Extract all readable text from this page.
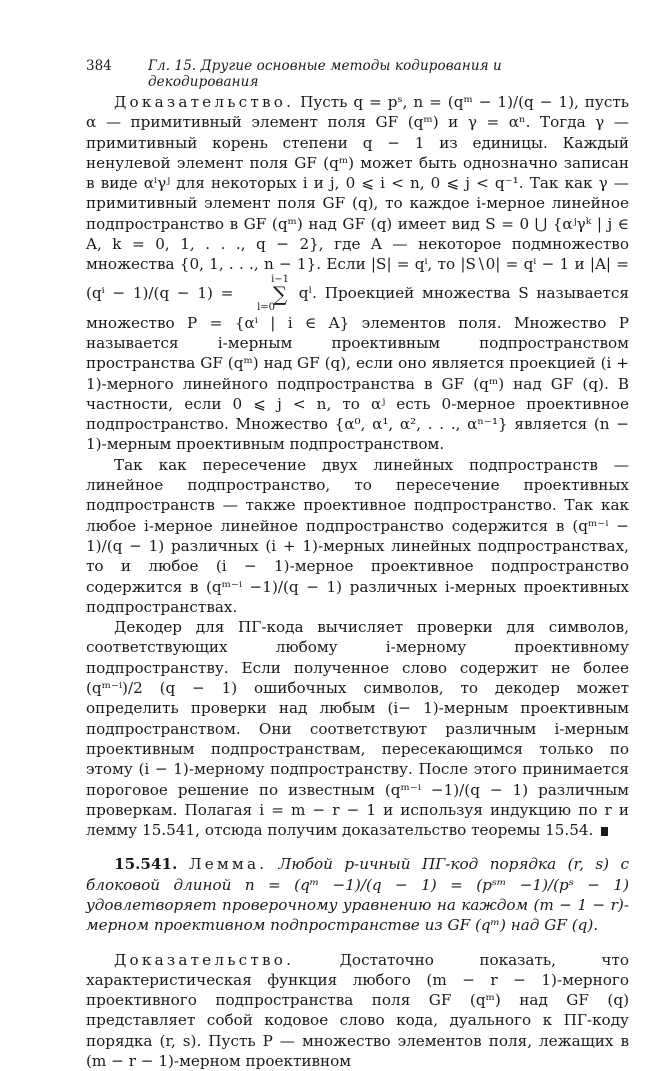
384	Гл. 15. Другие основные методы кодирования и декодирования

Доказательство. Пусть q = pˢ, n = (qᵐ − 1)/(q − 1), пусть α — примитивный элемент поля GF (qᵐ) и γ = αⁿ. Тогда γ — примитивный корень степени q − 1 из единицы. Каждый ненулевой элемент поля GF (qᵐ) может быть однозначно записан в виде αⁱγʲ для некоторых i и j, 0 ⩽ i < n, 0 ⩽ j < q⁻¹. Так как γ — примитивный элемент поля GF (q), то каждое i-мерное линейное подпространство в GF (qᵐ) над GF (q) имеет вид S = 0 ⋃ {αʲγᵏ | j ∈ A, k = 0, 1, . . ., q − 2}, где A — некоторое подмножество множества {0, 1, . . ., n − 1}. Если |S| = qⁱ, то |S∖0| = qⁱ − 1 и |A| = (qⁱ − 1)/(q − 1) = i−1
∑
l=0 qˡ. Проекцией множества S называется множество P = {αⁱ | i ∈ A} элементов поля. Множество P называется i-мерным проективным подпространством пространства GF (qᵐ) над GF (q), если оно является проекцией (i + 1)-мерного линейного подпространства в GF (qᵐ) над GF (q). В частности, если 0 ⩽ j < n, то αʲ есть 0-мерное проективное подпространство. Множество {α⁰, α¹, α², . . ., αⁿ⁻¹} является (n − 1)-мерным проективным подпространством.

Так как пересечение двух линейных подпространств — линейное подпространство, то пересечение проективных подпространств — также проективное подпространство. Так как любое i-мерное линейное подпространство содержится в (qᵐ⁻ⁱ − 1)/(q − 1) различных (i + 1)-мерных линейных подпространствах, то и любое (i − 1)-мерное проективное подпространство содержится в (qᵐ⁻ⁱ −1)/(q − 1) различных i-мерных проективных подпространствах.

Декодер для ПГ-кода вычисляет проверки для символов, соответствующих любому i-мерному проективному подпространству. Если полученное слово содержит не более (qᵐ⁻ⁱ)/2 (q − 1) ошибочных символов, то декодер может определить проверки над любым (i− 1)-мерным проективным подпространством. Они соответствуют различным i-мерным проективным подпространствам, пересекающимся только по этому (i − 1)-мерному подпространству. После этого принимается пороговое решение по известным (qᵐ⁻ⁱ −1)/(q − 1) различным проверкам. Полагая i = m − r − 1 и используя индукцию по r и лемму 15.541, отсюда получим доказательство теоремы 15.54.

15.541. Лемма. Любой p-ичный ПГ-код порядка (r, s) с блоковой длиной n = (qᵐ −1)/(q − 1) = (pˢᵐ −1)/(pˢ − 1) удовлетворяет проверочному уравнению на каждом (m − 1 − r)-мерном проективном подпространстве из GF (qᵐ) над GF (q).

Доказательство.	Достаточно показать, что характеристическая функция любого (m − r − 1)-мерного проективного подпространства поля GF (qᵐ) над GF (q) представляет собой кодовое слово кода, дуального к ПГ-коду порядка (r, s). Пусть P — множество элементов поля, лежащих в (m − r − 1)-мерном проективном
